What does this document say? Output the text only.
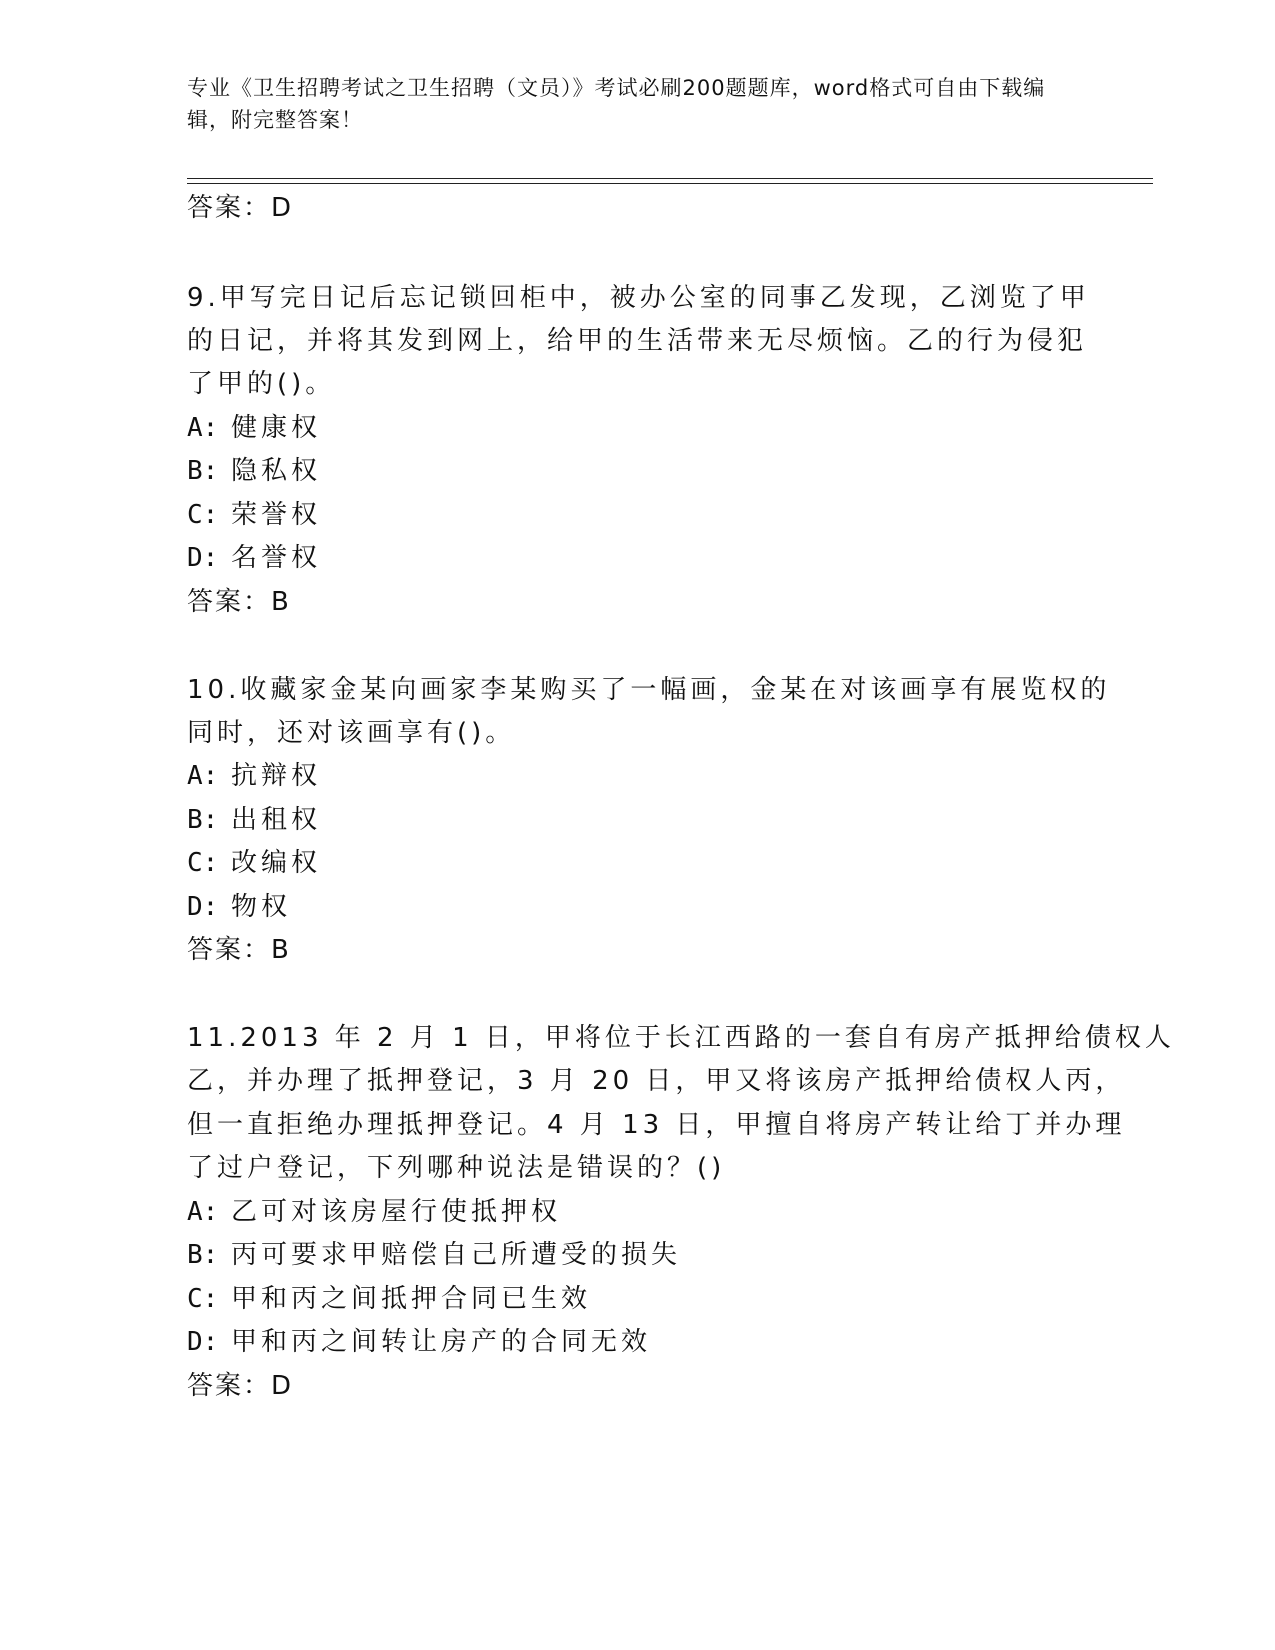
专业《卫生招聘考试之卫生招聘（文员）》考试必刷200题题库，word格式可自由下载编辑，附完整答案！
答案：D
9.甲写完日记后忘记锁回柜中，被办公室的同事乙发现，乙浏览了甲
的日记，并将其发到网上，给甲的生活带来无尽烦恼。乙的行为侵犯
了甲的()。
A: 健康权
B: 隐私权
C: 荣誉权
D: 名誉权
答案：B
10.收藏家金某向画家李某购买了一幅画，金某在对该画享有展览权的
同时，还对该画享有()。
A: 抗辩权
B: 出租权
C: 改编权
D: 物权
答案：B
11.2013 年 2 月 1 日，甲将位于长江西路的一套自有房产抵押给债权人
乙，并办理了抵押登记，3 月 20 日，甲又将该房产抵押给债权人丙，
但一直拒绝办理抵押登记。4 月 13 日，甲擅自将房产转让给丁并办理
了过户登记，下列哪种说法是错误的？()
A: 乙可对该房屋行使抵押权
B: 丙可要求甲赔偿自己所遭受的损失
C: 甲和丙之间抵押合同已生效
D: 甲和丙之间转让房产的合同无效
答案：D
